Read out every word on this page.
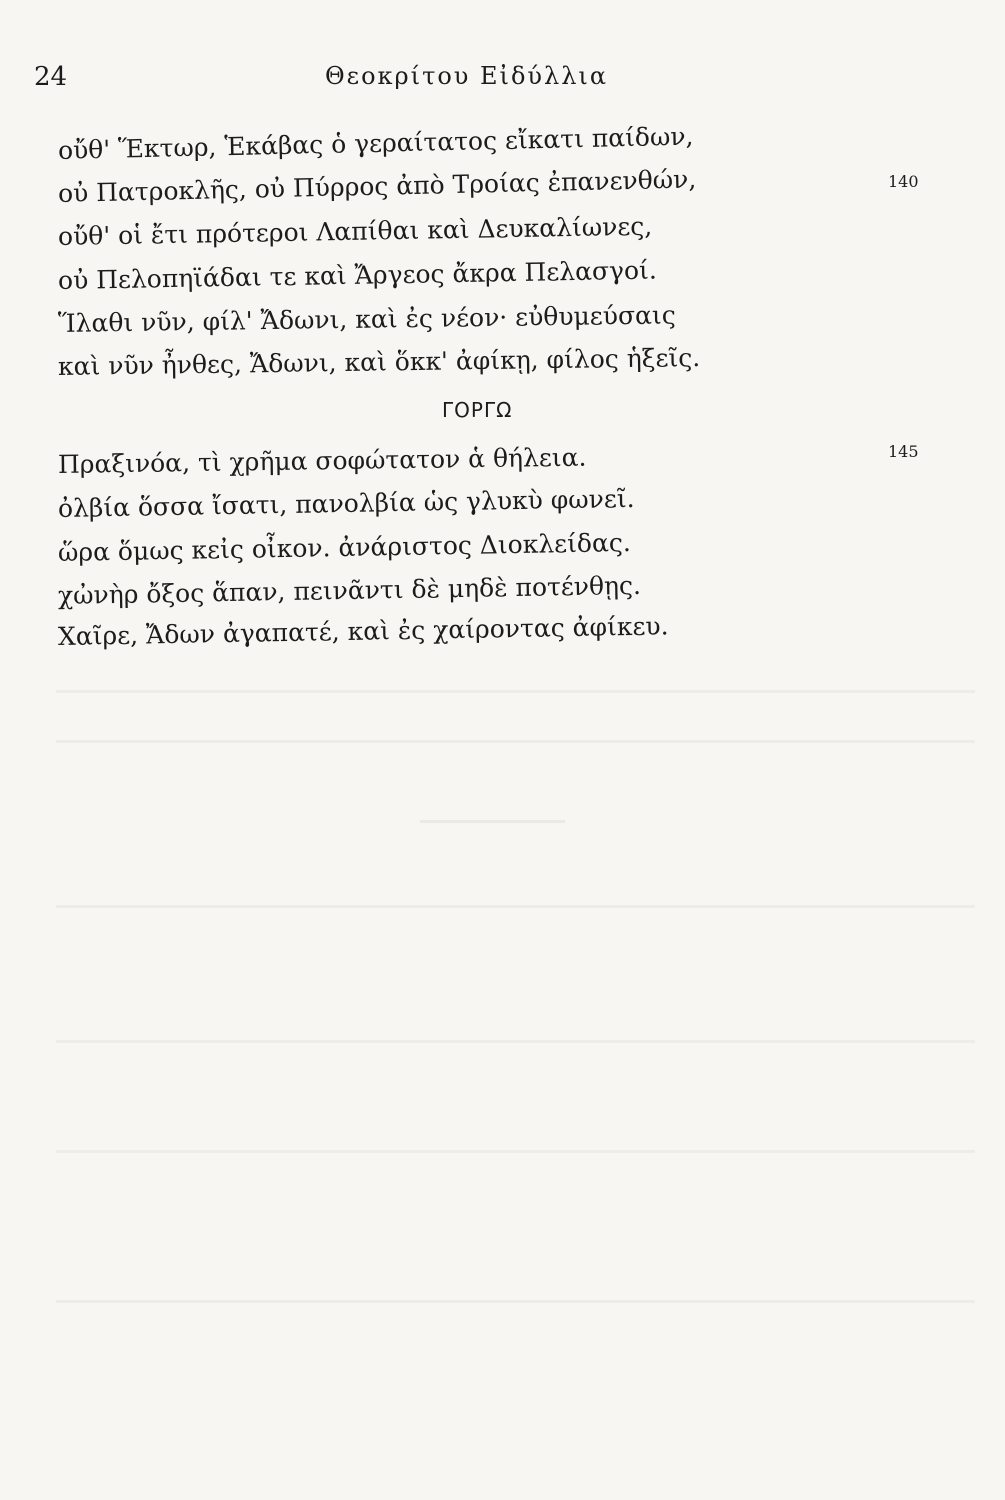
24	Θεοκρίτου Εἰδύλλια
οὔθ' Ἕκτωρ, Ἑκάβας ὁ γεραίτατος εἴκατι παίδων,
οὐ Πατροκλῆς, οὐ Πύρρος ἀπὸ Τροίας ἐπανενθών,	140
οὔθ' οἱ ἔτι πρότεροι Λαπίθαι καὶ Δευκαλίωνες,
οὐ Πελοπηϊάδαι τε καὶ Ἄργεος ἄκρα Πελασγοί.
Ἵλαθι νῦν, φίλ' Ἄδωνι, καὶ ἐς νέον· εὐθυμεύσαις
καὶ νῦν ἦνθες, Ἄδωνι, καὶ ὅκκ' ἀφίκῃ, φίλος ἡξεῖς.
ΓΟΡΓΩ
Πραξινόα, τὶ χρῆμα σοφώτατον ἁ θήλεια.	145
ὀλβία ὅσσα ἴσατι, πανολβία ὡς γλυκὺ φωνεῖ.
ὥρα ὅμως κεἰς οἶκον. ἀνάριστος Διοκλείδας.
χὠνὴρ ὄξος ἅπαν, πεινᾶντι δὲ μηδὲ ποτένθῃς.
Χαῖρε, Ἄδων ἀγαπατέ, καὶ ἐς χαίροντας ἀφίκευ.
